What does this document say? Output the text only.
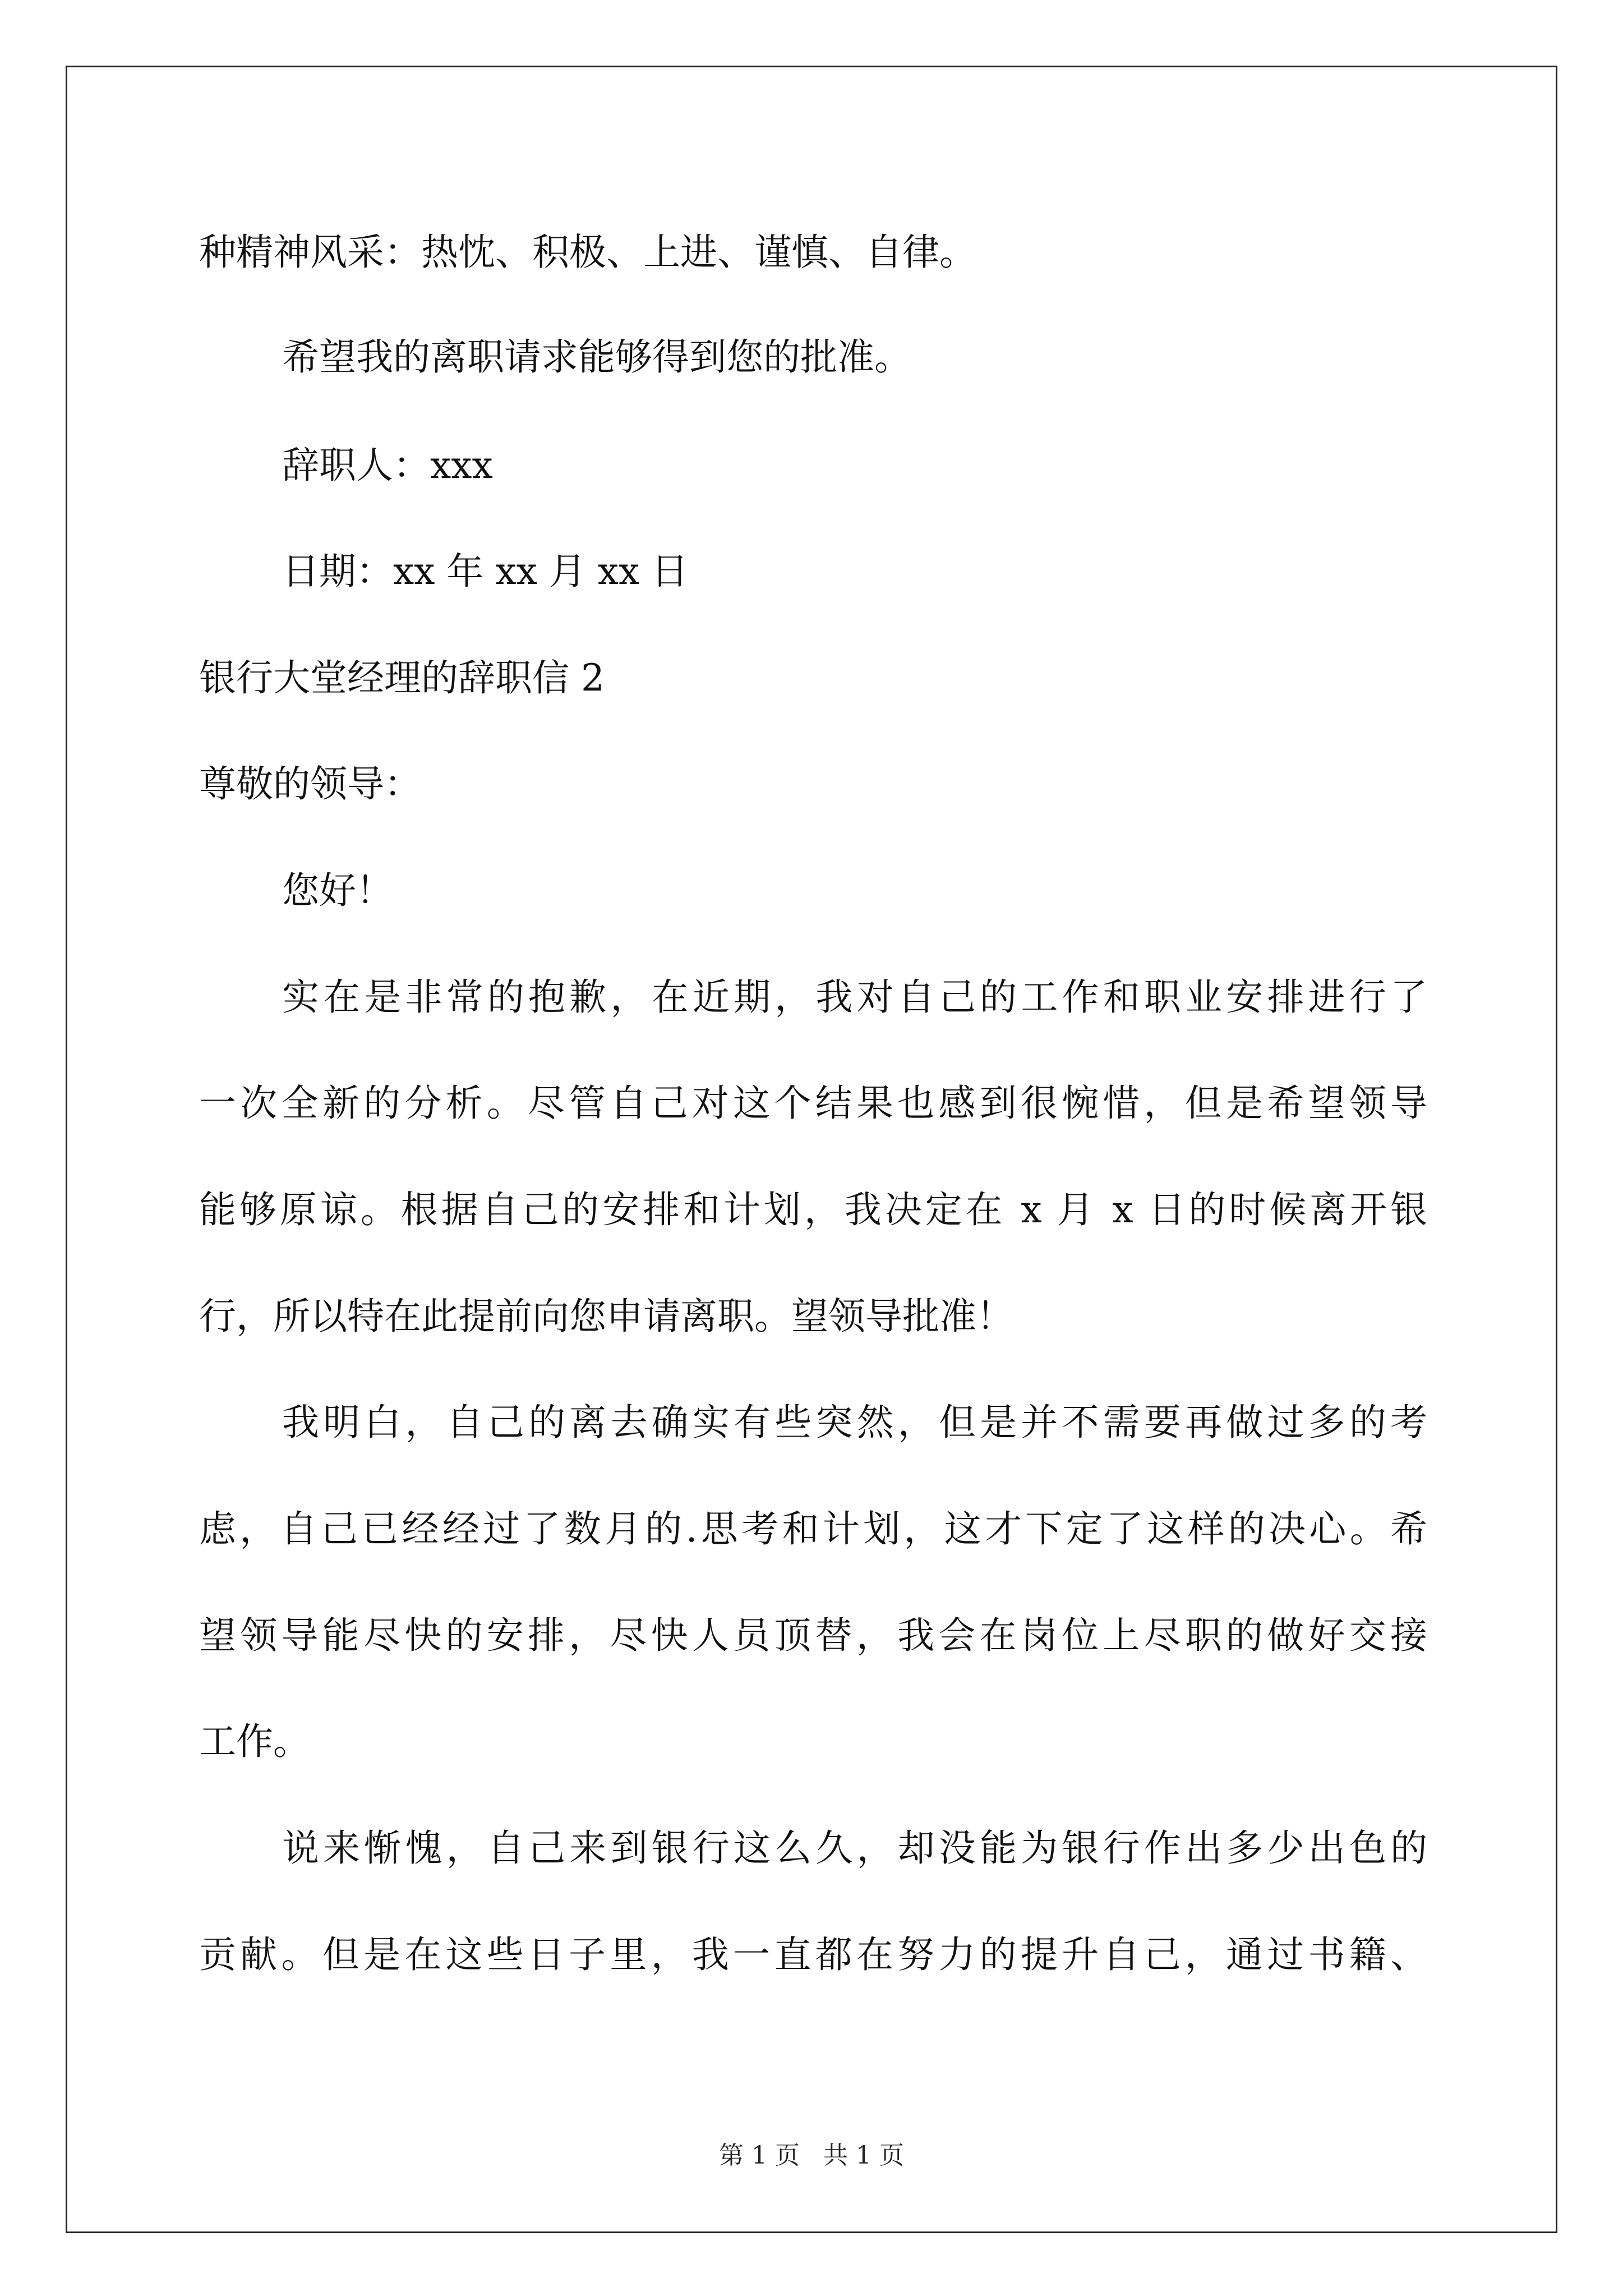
种精神风采：热忱、积极、上进、谨慎、自律。
希望我的离职请求能够得到您的批准。
辞职人：xxx
日期：xx 年 xx 月 xx 日
银行大堂经理的辞职信 2
尊敬的领导：
您好！
实在是非常的抱歉，在近期，我对自己的工作和职业安排进行了
一次全新的分析。尽管自己对这个结果也感到很惋惜，但是希望领导
能够原谅。根据自己的安排和计划，我决定在 x 月 x 日的时候离开银
行，所以特在此提前向您申请离职。望领导批准！
我明白，自己的离去确实有些突然，但是并不需要再做过多的考
虑，自己已经经过了数月的.思考和计划，这才下定了这样的决心。希
望领导能尽快的安排，尽快人员顶替，我会在岗位上尽职的做好交接
工作。
说来惭愧，自己来到银行这么久，却没能为银行作出多少出色的
贡献。但是在这些日子里，我一直都在努力的提升自己，通过书籍、
第 1 页   共 1 页
